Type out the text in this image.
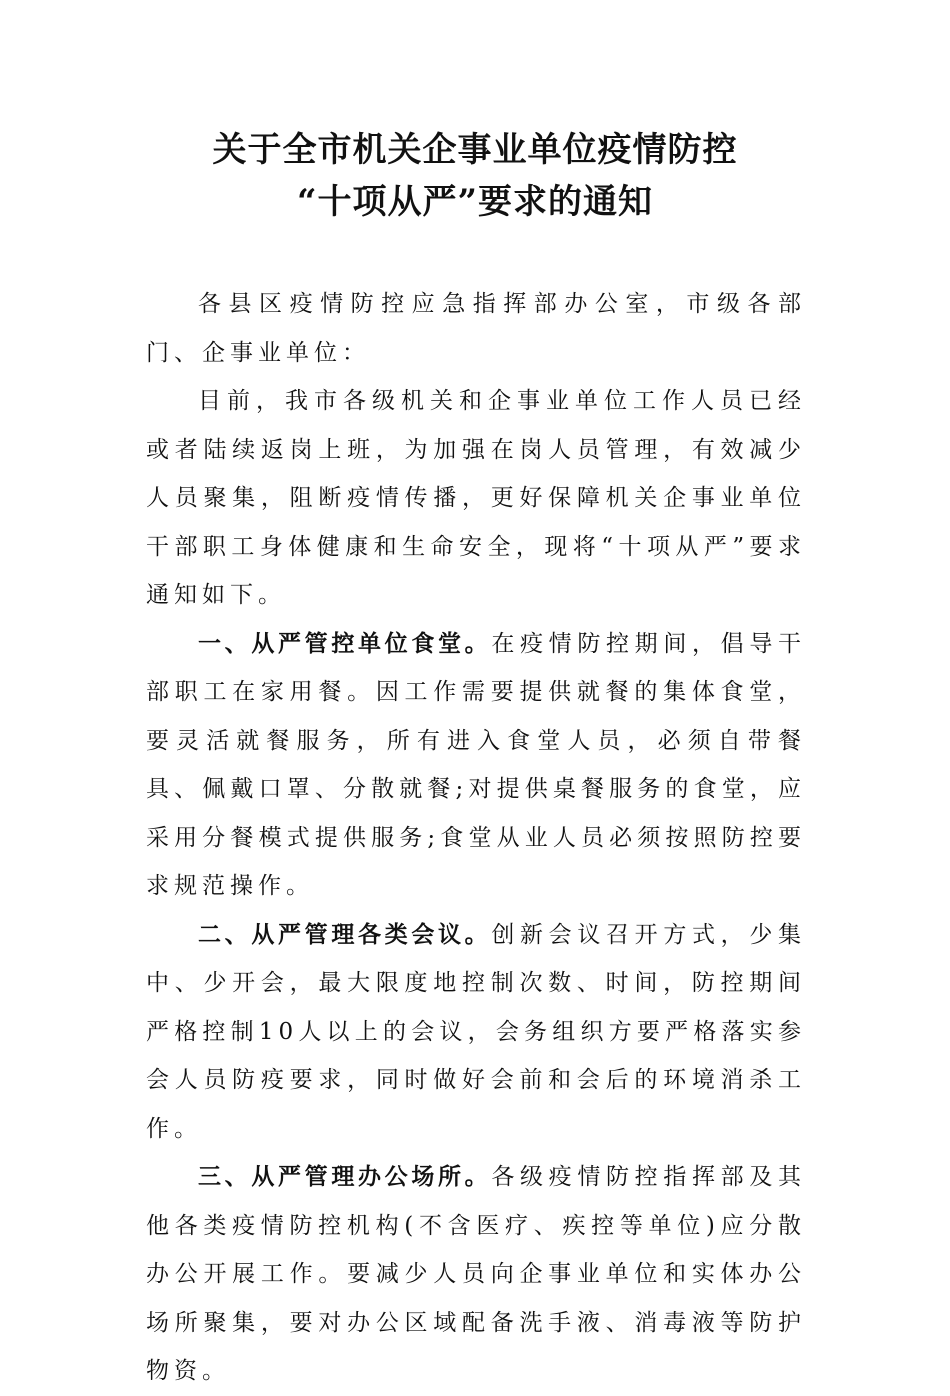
关于全市机关企事业单位疫情防控
“十项从严”要求的通知

各县区疫情防控应急指挥部办公室，市级各部门、企事业单位：

目前，我市各级机关和企事业单位工作人员已经或者陆续返岗上班，为加强在岗人员管理，有效减少人员聚集，阻断疫情传播，更好保障机关企事业单位干部职工身体健康和生命安全，现将“十项从严”要求通知如下。

一、从严管控单位食堂。在疫情防控期间，倡导干部职工在家用餐。因工作需要提供就餐的集体食堂，要灵活就餐服务，所有进入食堂人员，必须自带餐具、佩戴口罩、分散就餐;对提供桌餐服务的食堂，应采用分餐模式提供服务;食堂从业人员必须按照防控要求规范操作。

二、从严管理各类会议。创新会议召开方式，少集中、少开会，最大限度地控制次数、时间，防控期间严格控制10人以上的会议，会务组织方要严格落实参会人员防疫要求，同时做好会前和会后的环境消杀工作。

三、从严管理办公场所。各级疫情防控指挥部及其他各类疫情防控机构(不含医疗、疾控等单位)应分散办公开展工作。要减少人员向企事业单位和实体办公场所聚集，要对办公区域配备洗手液、消毒液等防护物资。
